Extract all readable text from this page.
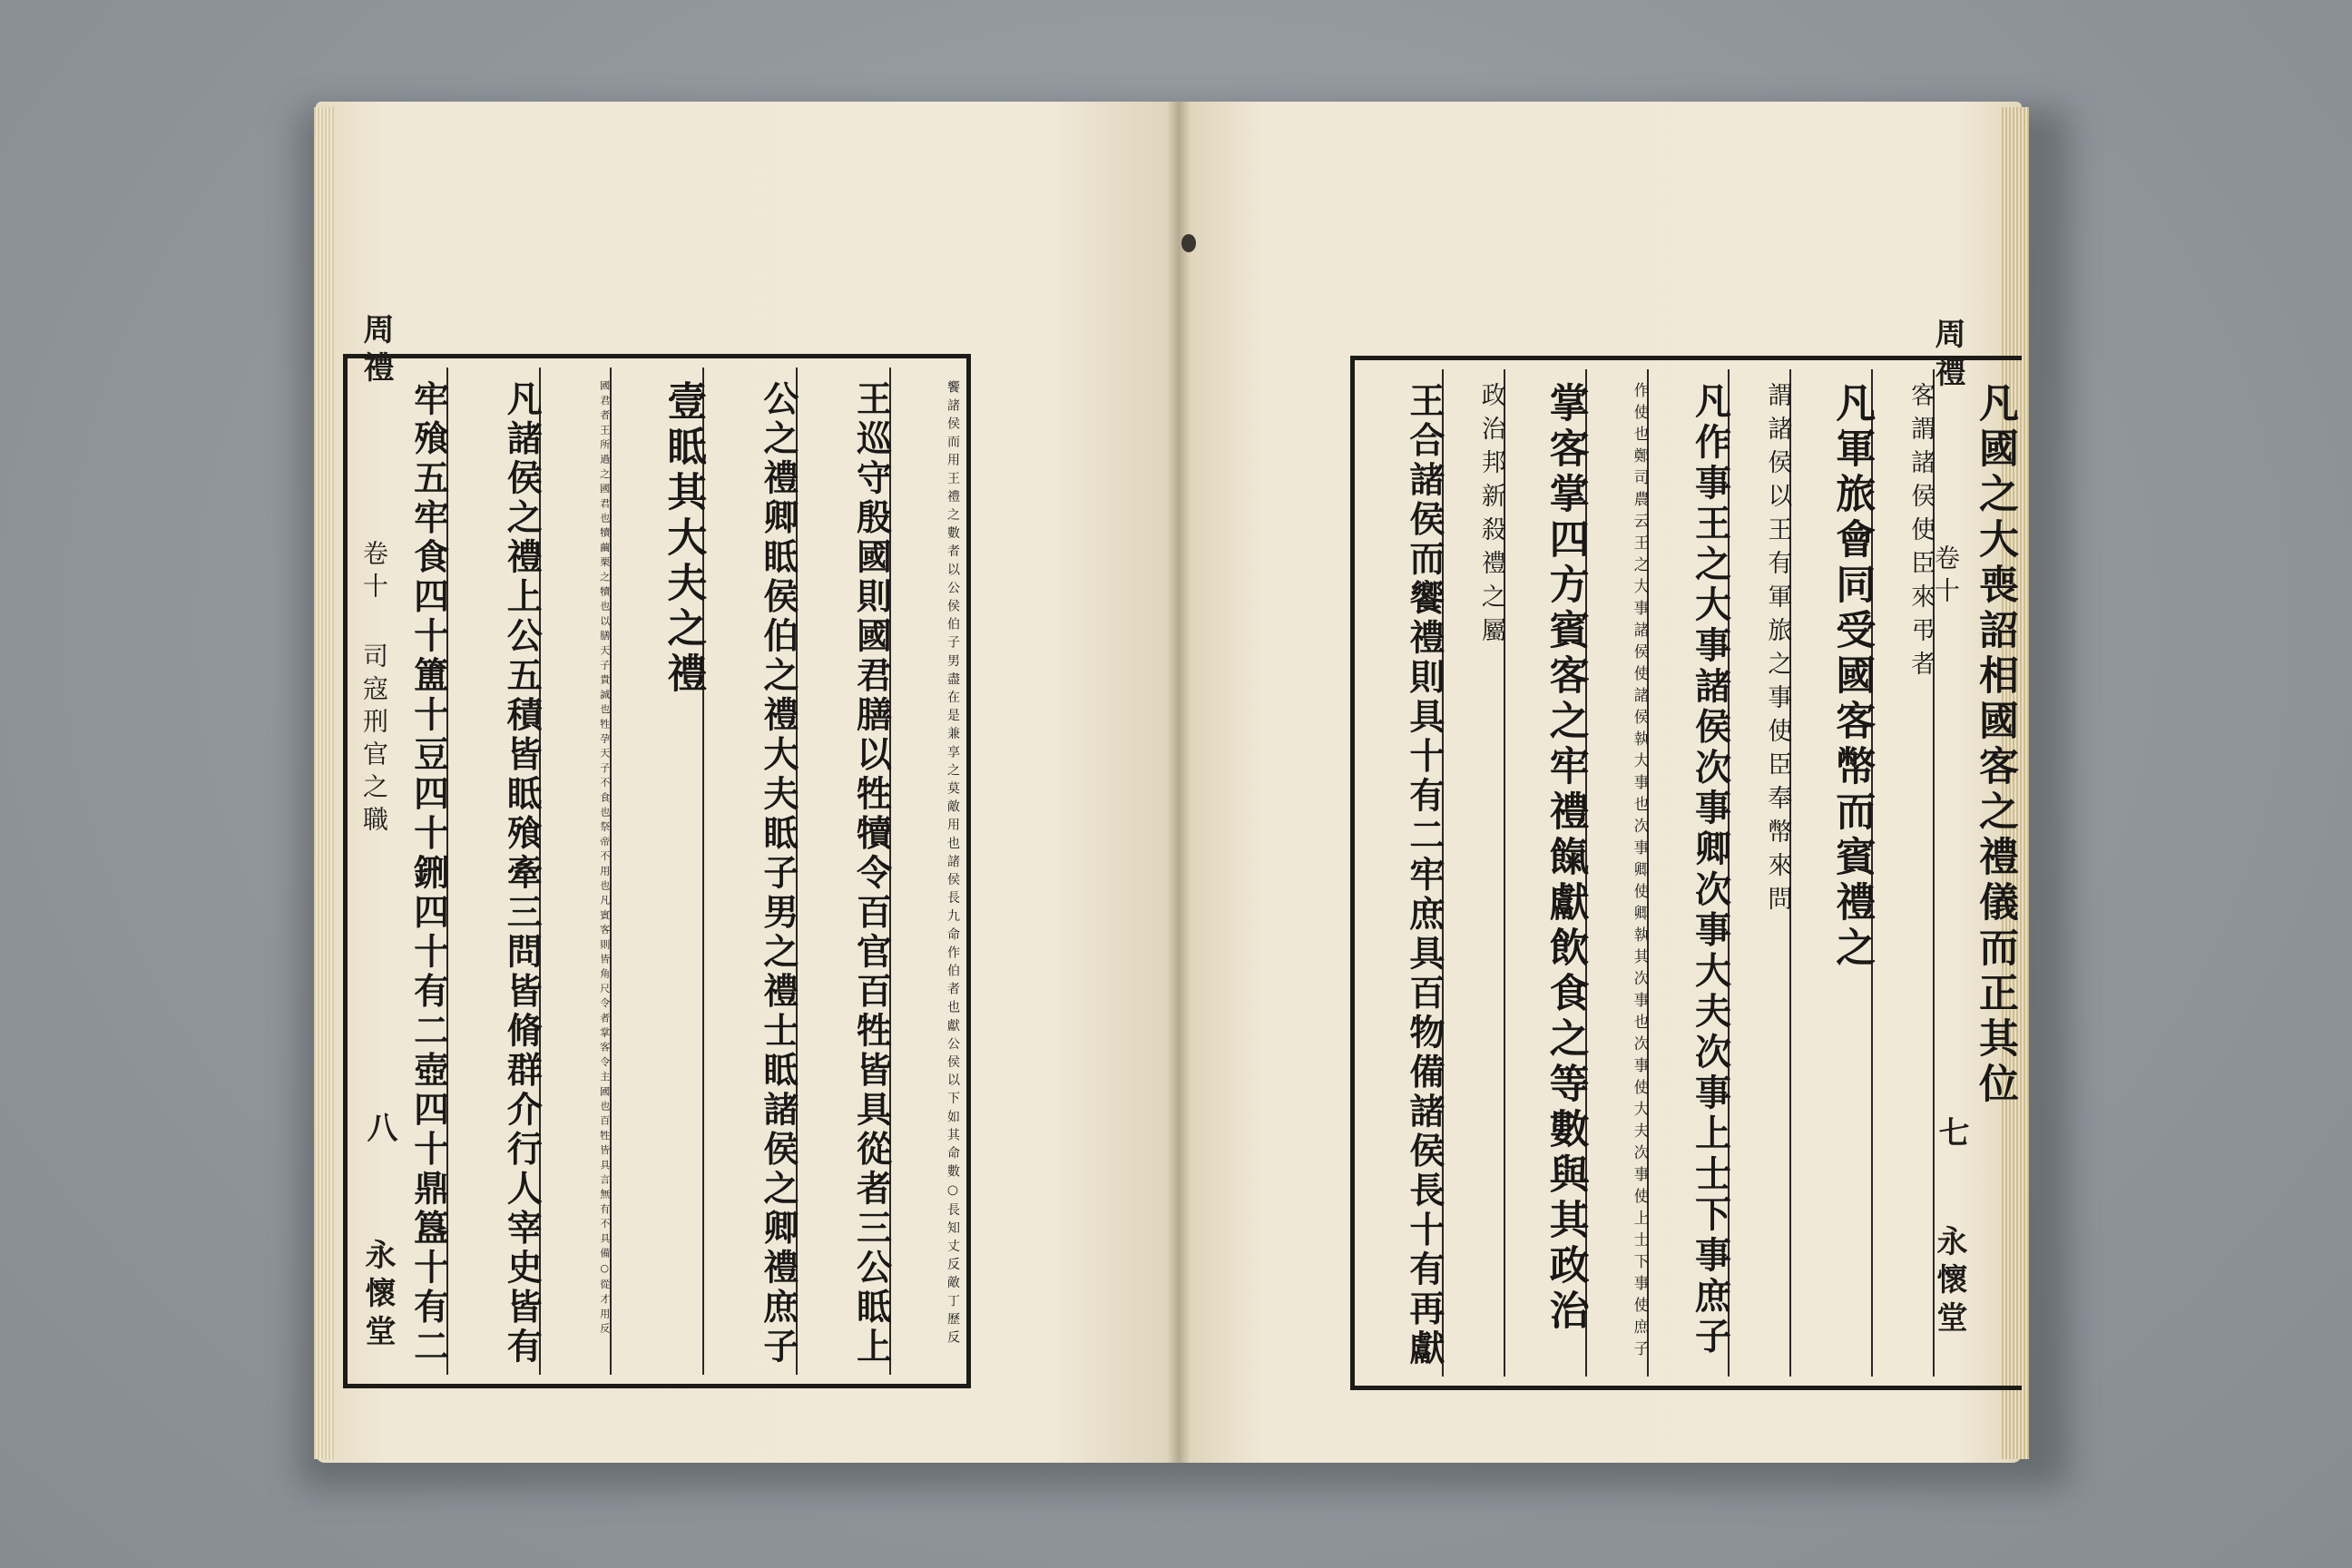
饗諸侯而用王禮之數者以公侯伯子男盡在是兼享之莫敵用也諸侯長九命作伯者也獻公侯以下如其命數○長知丈反敵丁歷反
王巡守殷國則國君膳以牲犢令百官百牲皆具從者三公眡上
公之禮卿眡侯伯之禮大夫眡子男之禮士眡諸侯之卿禮庶子
壹眡其大夫之禮
國君者王所過之國君也犢繭栗之犢也以膳天子貴誠也牲孕天子不食也祭帝不用也凡賓客則皆角尺令者掌客令主國也百牲皆具言無有不具備○從才用反
凡諸侯之禮上公五積皆眡飱牽三問皆脩群介行人宰史皆有
牢飱五牢食四十簠十豆四十鉶四十有二壺四十鼎簋十有二
周禮
卷十 司寇刑官之職
八
永懷堂
凡國之大喪詔相國客之禮儀而正其位
客謂諸侯使臣來弔者
凡軍旅會同受國客幣而賓禮之
謂諸侯以王有軍旅之事使臣奉幣來問
凡作事王之大事諸侯次事卿次事大夫次事上士下事庶子
作使也鄭司農云王之大事諸侯使諸侯執大事也次事卿使卿執其次事也次事使大夫次事使上士下事使庶子
掌客掌四方賓客之牢禮餼獻飲食之等數與其政治
政治邦新殺禮之屬
王合諸侯而饗禮則具十有二牢庶具百物備諸侯長十有再獻
周禮
卷十
七
永懷堂
